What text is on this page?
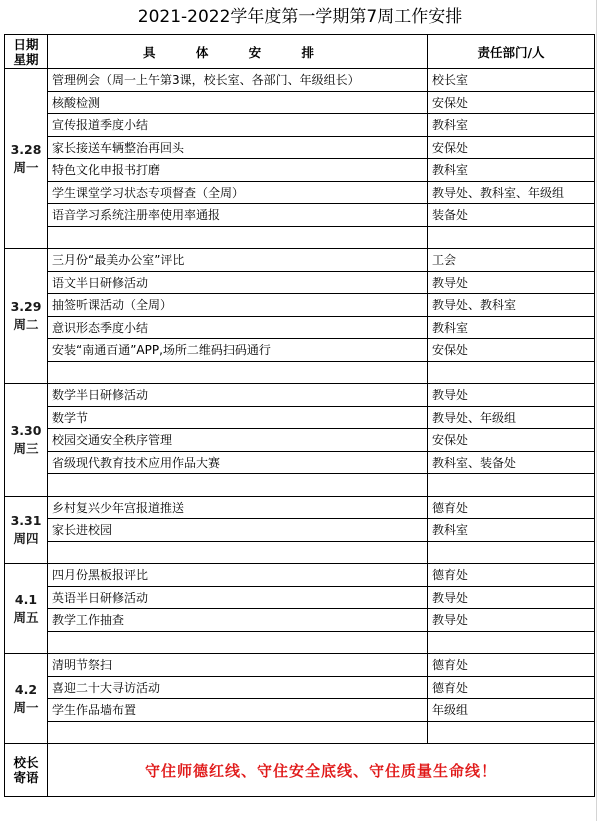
2021-2022学年度第一学期第7周工作安排
日期
星期	具 体 安 排	责任部门/人
3.28
周一	管理例会（周一上午第3课，校长室、各部门、年级组长）	校长室
	核酸检测	安保处
	宣传报道季度小结	教科室
	家长接送车辆整治再回头	安保处
	特色文化申报书打磨	教科室
	学生课堂学习状态专项督查（全周）	教导处、教科室、年级组
	语音学习系统注册率使用率通报	装备处

3.29
周二	三月份“最美办公室”评比	工会
	语文半日研修活动	教导处
	抽签听课活动（全周）	教导处、教科室
	意识形态季度小结	教科室
	安装“南通百通”APP,场所二维码扫码通行	安保处

3.30
周三	数学半日研修活动	教导处
	数学节	教导处、年级组
	校园交通安全秩序管理	安保处
	省级现代教育技术应用作品大赛	教科室、装备处

3.31
周四	乡村复兴少年宫报道推送	德育处
	家长进校园	教科室

4.1
周五	四月份黑板报评比	德育处
	英语半日研修活动	教导处
	教学工作抽查	教导处

4.2
周一	清明节祭扫	德育处
	喜迎二十大寻访活动	德育处
	学生作品墙布置	年级组

校长
寄语	守住师德红线、守住安全底线、守住质量生命线！	
